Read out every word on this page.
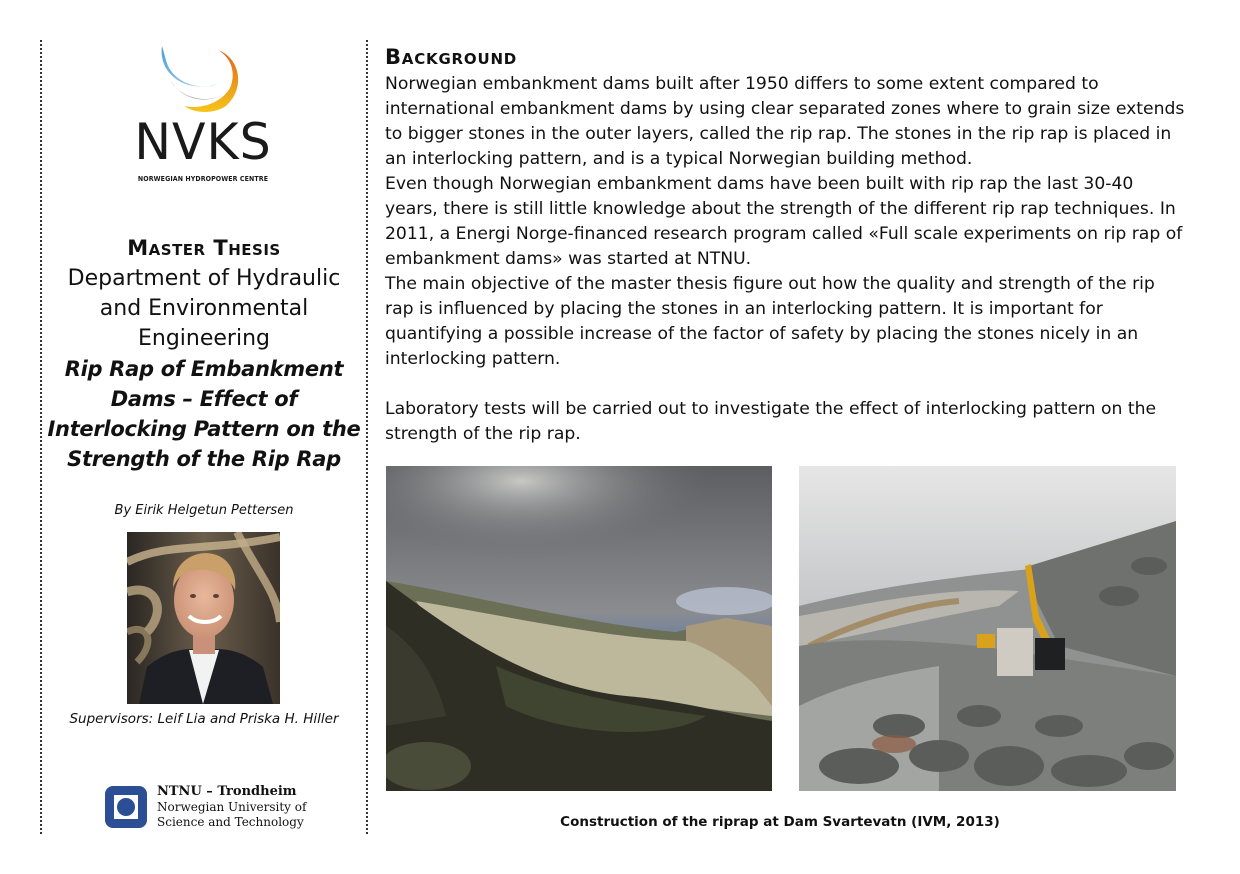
NVKS
NORWEGIAN HYDROPOWER CENTRE
Master Thesis
Department of Hydraulic and Environmental Engineering
Rip Rap of Embankment Dams – Effect of Interlocking Pattern on the Strength of the Rip Rap
By Eirik Helgetun Pettersen
Supervisors: Leif Lia and Priska H. Hiller
NTNU – Trondheim
Norwegian University of
Science and Technology
Background

Norwegian embankment dams built after 1950 differs to some extent compared to international embankment dams by using clear separated zones where to grain size extends to bigger stones in the outer layers, called the rip rap. The stones in the rip rap is placed in an interlocking pattern, and is a typical Norwegian building method.

Even though Norwegian embankment dams have been built with rip rap the last 30-40 years, there is still little knowledge about the strength of the different rip rap techniques. In 2011, a Energi Norge-financed research program called «Full scale experiments on rip rap of embankment dams» was started at NTNU.

The main objective of the master thesis figure out how the quality and strength of the rip rap is influenced by placing the stones in an interlocking pattern. It is important for quantifying a possible increase of the factor of safety by placing the stones nicely in an interlocking pattern.

Laboratory tests will be carried out to investigate the effect of interlocking pattern on the strength of the rip rap.

Construction of the riprap at Dam Svartevatn (IVM, 2013)
